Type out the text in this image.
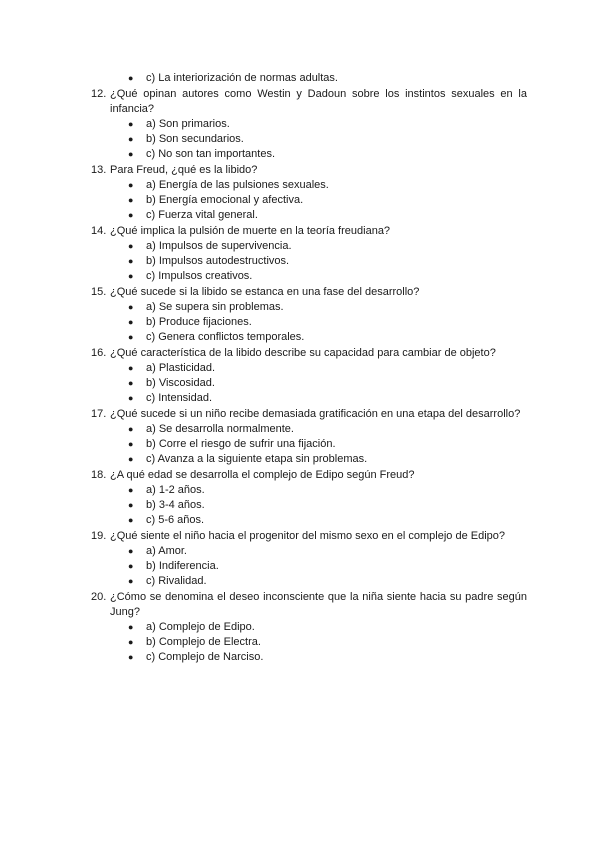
● c) La interiorización de normas adultas.
12. ¿Qué opinan autores como Westin y Dadoun sobre los instintos sexuales en la infancia?
● a) Son primarios.
● b) Son secundarios.
● c) No son tan importantes.
13. Para Freud, ¿qué es la libido?
● a) Energía de las pulsiones sexuales.
● b) Energía emocional y afectiva.
● c) Fuerza vital general.
14. ¿Qué implica la pulsión de muerte en la teoría freudiana?
● a) Impulsos de supervivencia.
● b) Impulsos autodestructivos.
● c) Impulsos creativos.
15. ¿Qué sucede si la libido se estanca en una fase del desarrollo?
● a) Se supera sin problemas.
● b) Produce fijaciones.
● c) Genera conflictos temporales.
16. ¿Qué característica de la libido describe su capacidad para cambiar de objeto?
● a) Plasticidad.
● b) Viscosidad.
● c) Intensidad.
17. ¿Qué sucede si un niño recibe demasiada gratificación en una etapa del desarrollo?
● a) Se desarrolla normalmente.
● b) Corre el riesgo de sufrir una fijación.
● c) Avanza a la siguiente etapa sin problemas.
18. ¿A qué edad se desarrolla el complejo de Edipo según Freud?
● a) 1-2 años.
● b) 3-4 años.
● c) 5-6 años.
19. ¿Qué siente el niño hacia el progenitor del mismo sexo en el complejo de Edipo?
● a) Amor.
● b) Indiferencia.
● c) Rivalidad.
20. ¿Cómo se denomina el deseo inconsciente que la niña siente hacia su padre según Jung?
● a) Complejo de Edipo.
● b) Complejo de Electra.
● c) Complejo de Narciso.
